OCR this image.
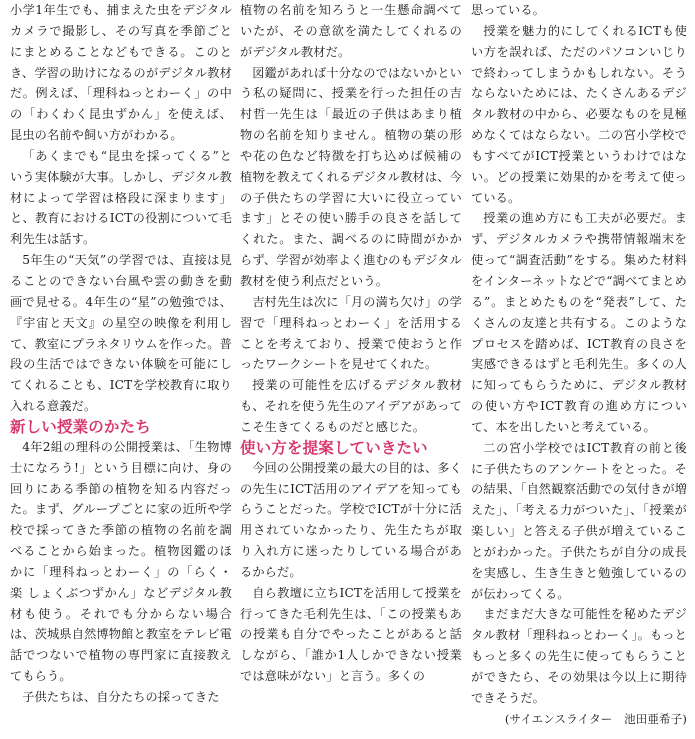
小学1年生でも、捕まえた虫をデジタルカメラで撮影し、その写真を季節ごとにまとめることなどもできる。このとき、学習の助けになるのがデジタル教材だ。例えば、「理科ねっとわーく」の中の「わくわく昆虫ずかん」を使えば、昆虫の名前や飼い方がわかる。

「あくまでも“昆虫を採ってくる”という実体験が大事。しかし、デジタル教材によって学習は格段に深まります」と、教育におけるICTの役割について毛利先生は話す。

5年生の“天気”の学習では、直接は見ることのできない台風や雲の動きを動画で見せる。4年生の“星”の勉強では、『宇宙と天文』の星空の映像を利用して、教室にプラネタリウムを作った。普段の生活ではできない体験を可能にしてくれることも、ICTを学校教育に取り入れる意義だ。

新しい授業のかたち

4年2組の理科の公開授業は、「生物博士になろう!」という目標に向け、身の回りにある季節の植物を知る内容だった。まず、グループごとに家の近所や学校で採ってきた季節の植物の名前を調べることから始まった。植物図鑑のほかに「理科ねっとわーく」の「らく・楽 しょくぶつずかん」などデジタル教材も使う。それでも分からない場合は、茨城県自然博物館と教室をテレビ電話でつないで植物の専門家に直接教えてもらう。

子供たちは、自分たちの採ってきた

植物の名前を知ろうと一生懸命調べていたが、その意欲を満たしてくれるのがデジタル教材だ。

図鑑があれば十分なのではないかという私の疑問に、授業を行った担任の吉村哲一先生は「最近の子供はあまり植物の名前を知りません。植物の葉の形や花の色など特徴を打ち込めば候補の植物を教えてくれるデジタル教材は、今の子供たちの学習に大いに役立っています」とその使い勝手の良さを話してくれた。また、調べるのに時間がかからず、学習が効率よく進むのもデジタル教材を使う利点だという。

吉村先生は次に「月の満ち欠け」の学習で「理科ねっとわーく」を活用することを考えており、授業で使おうと作ったワークシートを見せてくれた。

授業の可能性を広げるデジタル教材も、それを使う先生のアイデアがあってこそ生きてくるものだと感じた。

使い方を提案していきたい

今回の公開授業の最大の目的は、多くの先生にICT活用のアイデアを知ってもらうことだった。学校でICTが十分に活用されていなかったり、先生たちが取り入れ方に迷ったりしている場合があるからだ。

自ら教壇に立ちICTを活用して授業を行ってきた毛利先生は、「この授業もあの授業も自分でやったことがあると話しながら、「誰か1人しかできない授業では意味がない」と言う。多くの

思っている。

授業を魅力的にしてくれるICTも使い方を誤れば、ただのパソコンいじりで終わってしまうかもしれない。そうならないためには、たくさんあるデジタル教材の中から、必要なものを見極めなくてはならない。二の宮小学校でもすべてがICT授業というわけではない。どの授業に効果的かを考えて使っている。

授業の進め方にも工夫が必要だ。まず、デジタルカメラや携帯情報端末を使って“調査活動”をする。集めた材料をインターネットなどで“調べてまとめる”。まとめたものを“発表”して、たくさんの友達と共有する。このようなプロセスを踏めば、ICT教育の良さを実感できるはずと毛利先生。多くの人に知ってもらうために、デジタル教材の使い方やICT教育の進め方について、本を出したいと考えている。

二の宮小学校ではICT教育の前と後に子供たちのアンケートをとった。その結果、「自然観察活動での気付きが増えた」、「考える力がついた」、「授業が楽しい」と答える子供が増えていることがわかった。子供たちが自分の成長を実感し、生き生きと勉強しているのが伝わってくる。

まだまだ大きな可能性を秘めたデジタル教材「理科ねっとわーく」。もっともっと多くの先生に使ってもらうことができたら、その効果は今以上に期待できそうだ。

(サイエンスライター　池田亜希子)
